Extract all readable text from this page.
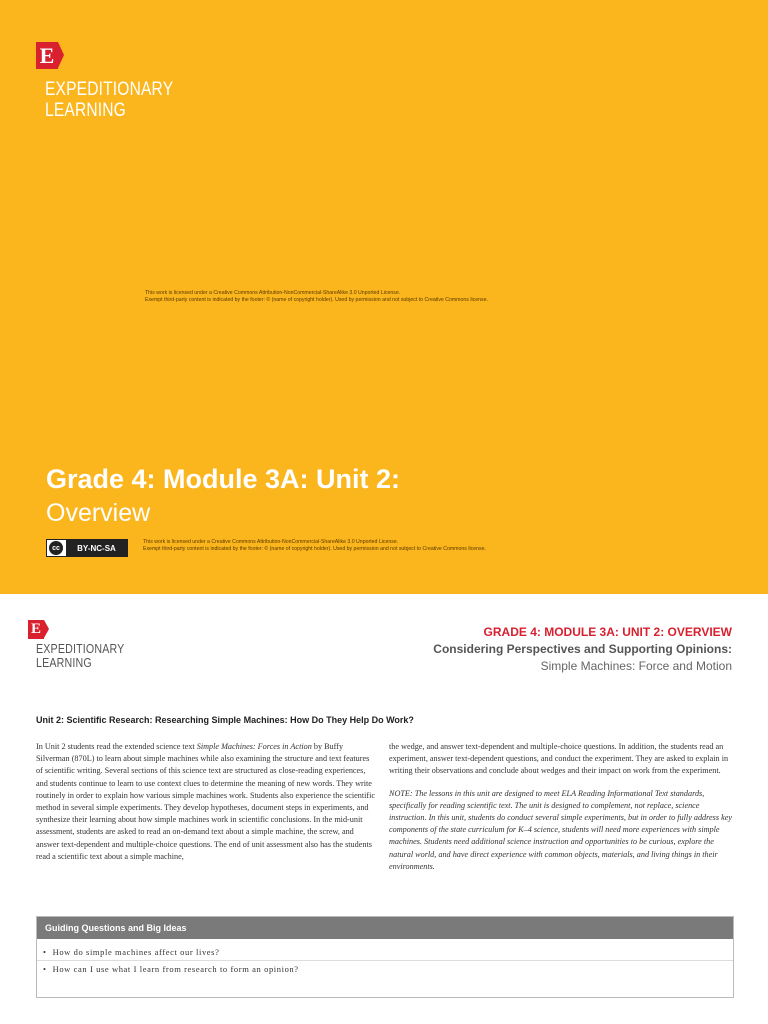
E
EXPEDITIONARY
LEARNING
This work is licensed under a Creative Commons Attribution-NonCommercial-ShareAlike 3.0 Unported License.
Exempt third-party content is indicated by the footer: © (name of copyright holder). Used by permission and not subject to Creative Commons license.
Grade 4: Module 3A: Unit 2:
Overview
cc	BY-NC-SA
This work is licensed under a Creative Commons Attribution-NonCommercial-ShareAlike 3.0 Unported License.
Exempt third-party content is indicated by the footer: © (name of copyright holder). Used by permission and not subject to Creative Commons license.
E
EXPEDITIONARY
LEARNING
GRADE 4: MODULE 3A: UNIT 2: OVERVIEW
Considering Perspectives and Supporting Opinions:
Simple Machines: Force and Motion
Unit 2: Scientific Research: Researching Simple Machines: How Do They Help Do Work?

In Unit 2 students read the extended science text Simple Machines: Forces in Action by Buffy Silverman (870L) to learn about simple machines while also examining the structure and text features of scientific writing. Several sections of this science text are structured as close-reading experiences, and students continue to learn to use context clues to determine the meaning of new words. They write routinely in order to explain how various simple machines work. Students also experience the scientific method in several simple experiments. They develop hypotheses, document steps in experiments, and synthesize their learning about how simple machines work in scientific conclusions. In the mid-unit assessment, students are asked to read an on-demand text about a simple machine, the screw, and answer text-dependent and multiple-choice questions. The end of unit assessment also has the students read a scientific text about a simple machine,

the wedge, and answer text-dependent and multiple-choice questions. In addition, the students read an experiment, answer text-dependent questions, and conduct the experiment. They are asked to explain in writing their observations and conclude about wedges and their impact on work from the experiment.

NOTE: The lessons in this unit are designed to meet ELA Reading Informational Text standards, specifically for reading scientific text. The unit is designed to complement, not replace, science instruction. In this unit, students do conduct several simple experiments, but in order to fully address key components of the state curriculum for K–4 science, students will need more experiences with simple machines. Students need additional science instruction and opportunities to be curious, explore the natural world, and have direct experience with common objects, materials, and living things in their environments.

Guiding Questions and Big Ideas
• How do simple machines affect our lives?
• How can I use what I learn from research to form an opinion?
